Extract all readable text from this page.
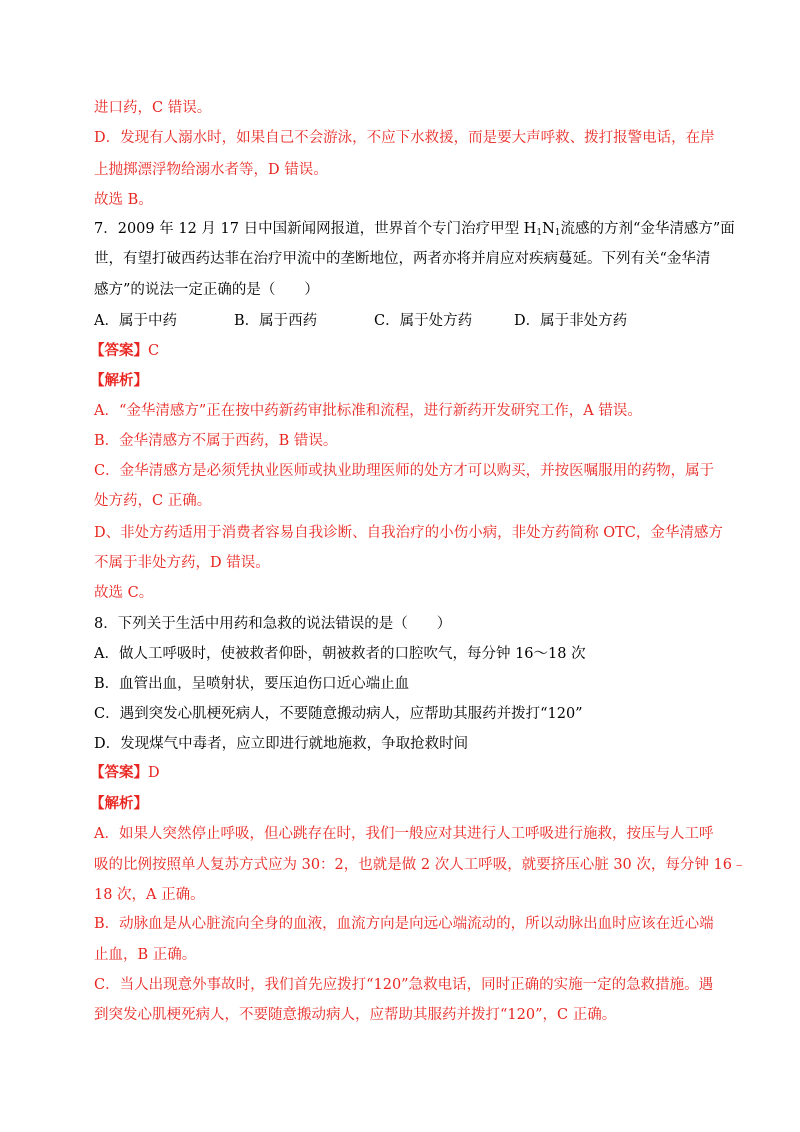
进口药，C 错误。
D．发现有人溺水时，如果自己不会游泳，不应下水救援，而是要大声呼救、拨打报警电话，在岸
上抛掷漂浮物给溺水者等，D 错误。
故选 B。
7．2009 年 12 月 17 日中国新闻网报道，世界首个专门治疗甲型 $H_1N_1$流感的方剂“金华清感方”面
世，有望打破西药达菲在治疗甲流中的垄断地位，两者亦将并肩应对疾病蔓延。下列有关“金华清
感方”的说法一定正确的是（　　）
A．属于中药	B．属于西药	C．属于处方药	D．属于非处方药
【答案】C
【解析】
A．“金华清感方”正在按中药新药审批标准和流程，进行新药开发研究工作，A 错误。
B．金华清感方不属于西药，B 错误。
C．金华清感方是必须凭执业医师或执业助理医师的处方才可以购买，并按医嘱服用的药物，属于
处方药，C 正确。
D、非处方药适用于消费者容易自我诊断、自我治疗的小伤小病，非处方药简称 OTC，金华清感方
不属于非处方药，D 错误。
故选 C。
8．下列关于生活中用药和急救的说法错误的是（　　）
A．做人工呼吸时，使被救者仰卧，朝被救者的口腔吹气，每分钟 16～18 次
B．血管出血，呈喷射状，要压迫伤口近心端止血
C．遇到突发心肌梗死病人，不要随意搬动病人，应帮助其服药并拨打“120”
D．发现煤气中毒者，应立即进行就地施救，争取抢救时间
【答案】D
【解析】
A．如果人突然停止呼吸，但心跳存在时，我们一般应对其进行人工呼吸进行施救，按压与人工呼
吸的比例按照单人复苏方式应为 30：2，也就是做 2 次人工呼吸，就要挤压心脏 30 次，每分钟 16﹣
18 次，A 正确。
B．动脉血是从心脏流向全身的血液，血流方向是向远心端流动的，所以动脉出血时应该在近心端
止血，B 正确。
C．当人出现意外事故时，我们首先应拨打“120”急救电话，同时正确的实施一定的急救措施。遇
到突发心肌梗死病人，不要随意搬动病人，应帮助其服药并拨打“120”，C 正确。
